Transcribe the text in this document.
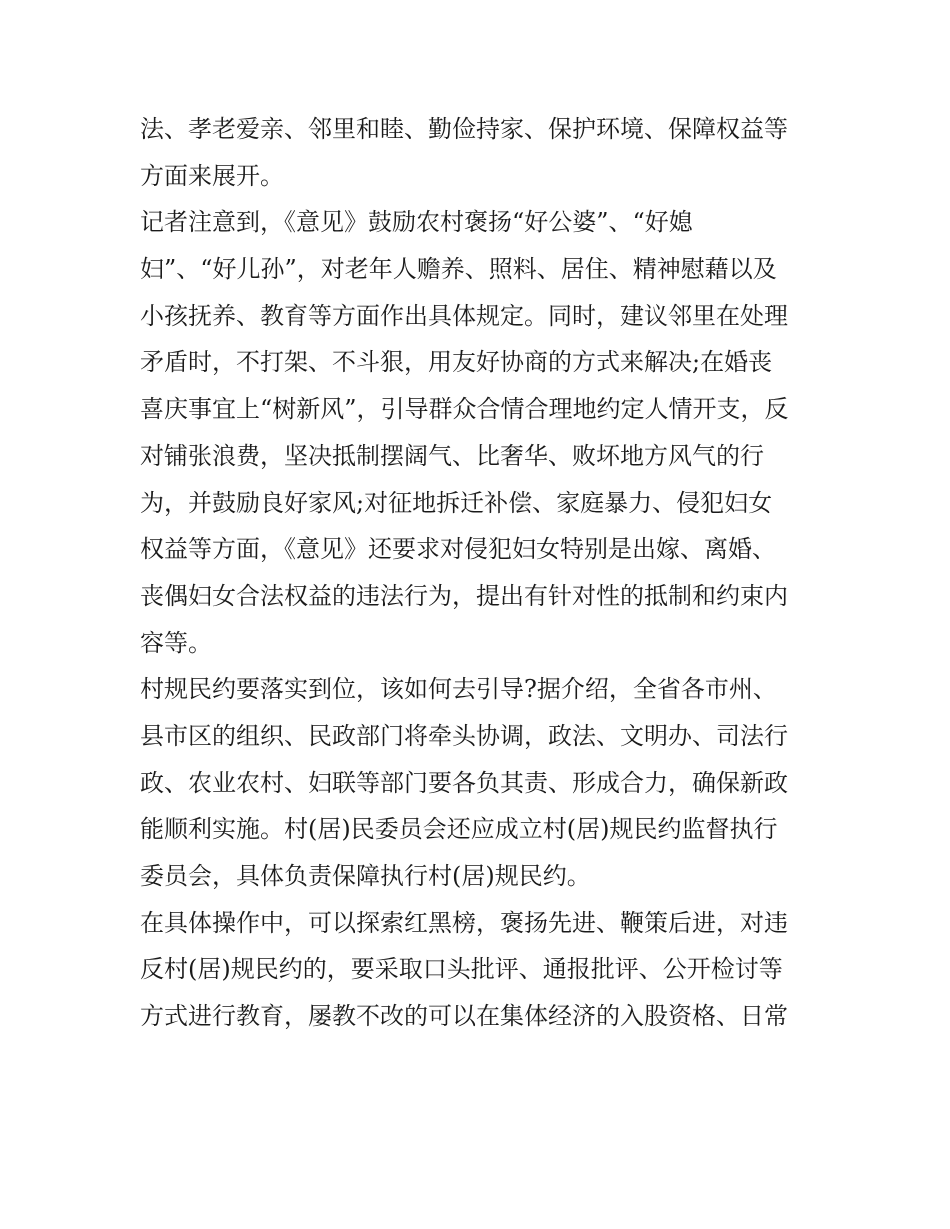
法、孝老爱亲、邻里和睦、勤俭持家、保护环境、保障权益等
方面来展开。
记者注意到，《意见》鼓励农村褒扬“好公婆”、“好媳
妇”、“好儿孙”，对老年人赡养、照料、居住、精神慰藉以及
小孩抚养、教育等方面作出具体规定。同时，建议邻里在处理
矛盾时，不打架、不斗狠，用友好协商的方式来解决;在婚丧
喜庆事宜上“树新风”，引导群众合情合理地约定人情开支，反
对铺张浪费，坚决抵制摆阔气、比奢华、败坏地方风气的行
为，并鼓励良好家风;对征地拆迁补偿、家庭暴力、侵犯妇女
权益等方面，《意见》还要求对侵犯妇女特别是出嫁、离婚、
丧偶妇女合法权益的违法行为，提出有针对性的抵制和约束内
容等。
村规民约要落实到位，该如何去引导?据介绍，全省各市州、
县市区的组织、民政部门将牵头协调，政法、文明办、司法行
政、农业农村、妇联等部门要各负其责、形成合力，确保新政
能顺利实施。村(居)民委员会还应成立村(居)规民约监督执行
委员会，具体负责保障执行村(居)规民约。
在具体操作中，可以探索红黑榜，褒扬先进、鞭策后进，对违
反村(居)规民约的，要采取口头批评、通报批评、公开检讨等
方式进行教育，屡教不改的可以在集体经济的入股资格、日常
